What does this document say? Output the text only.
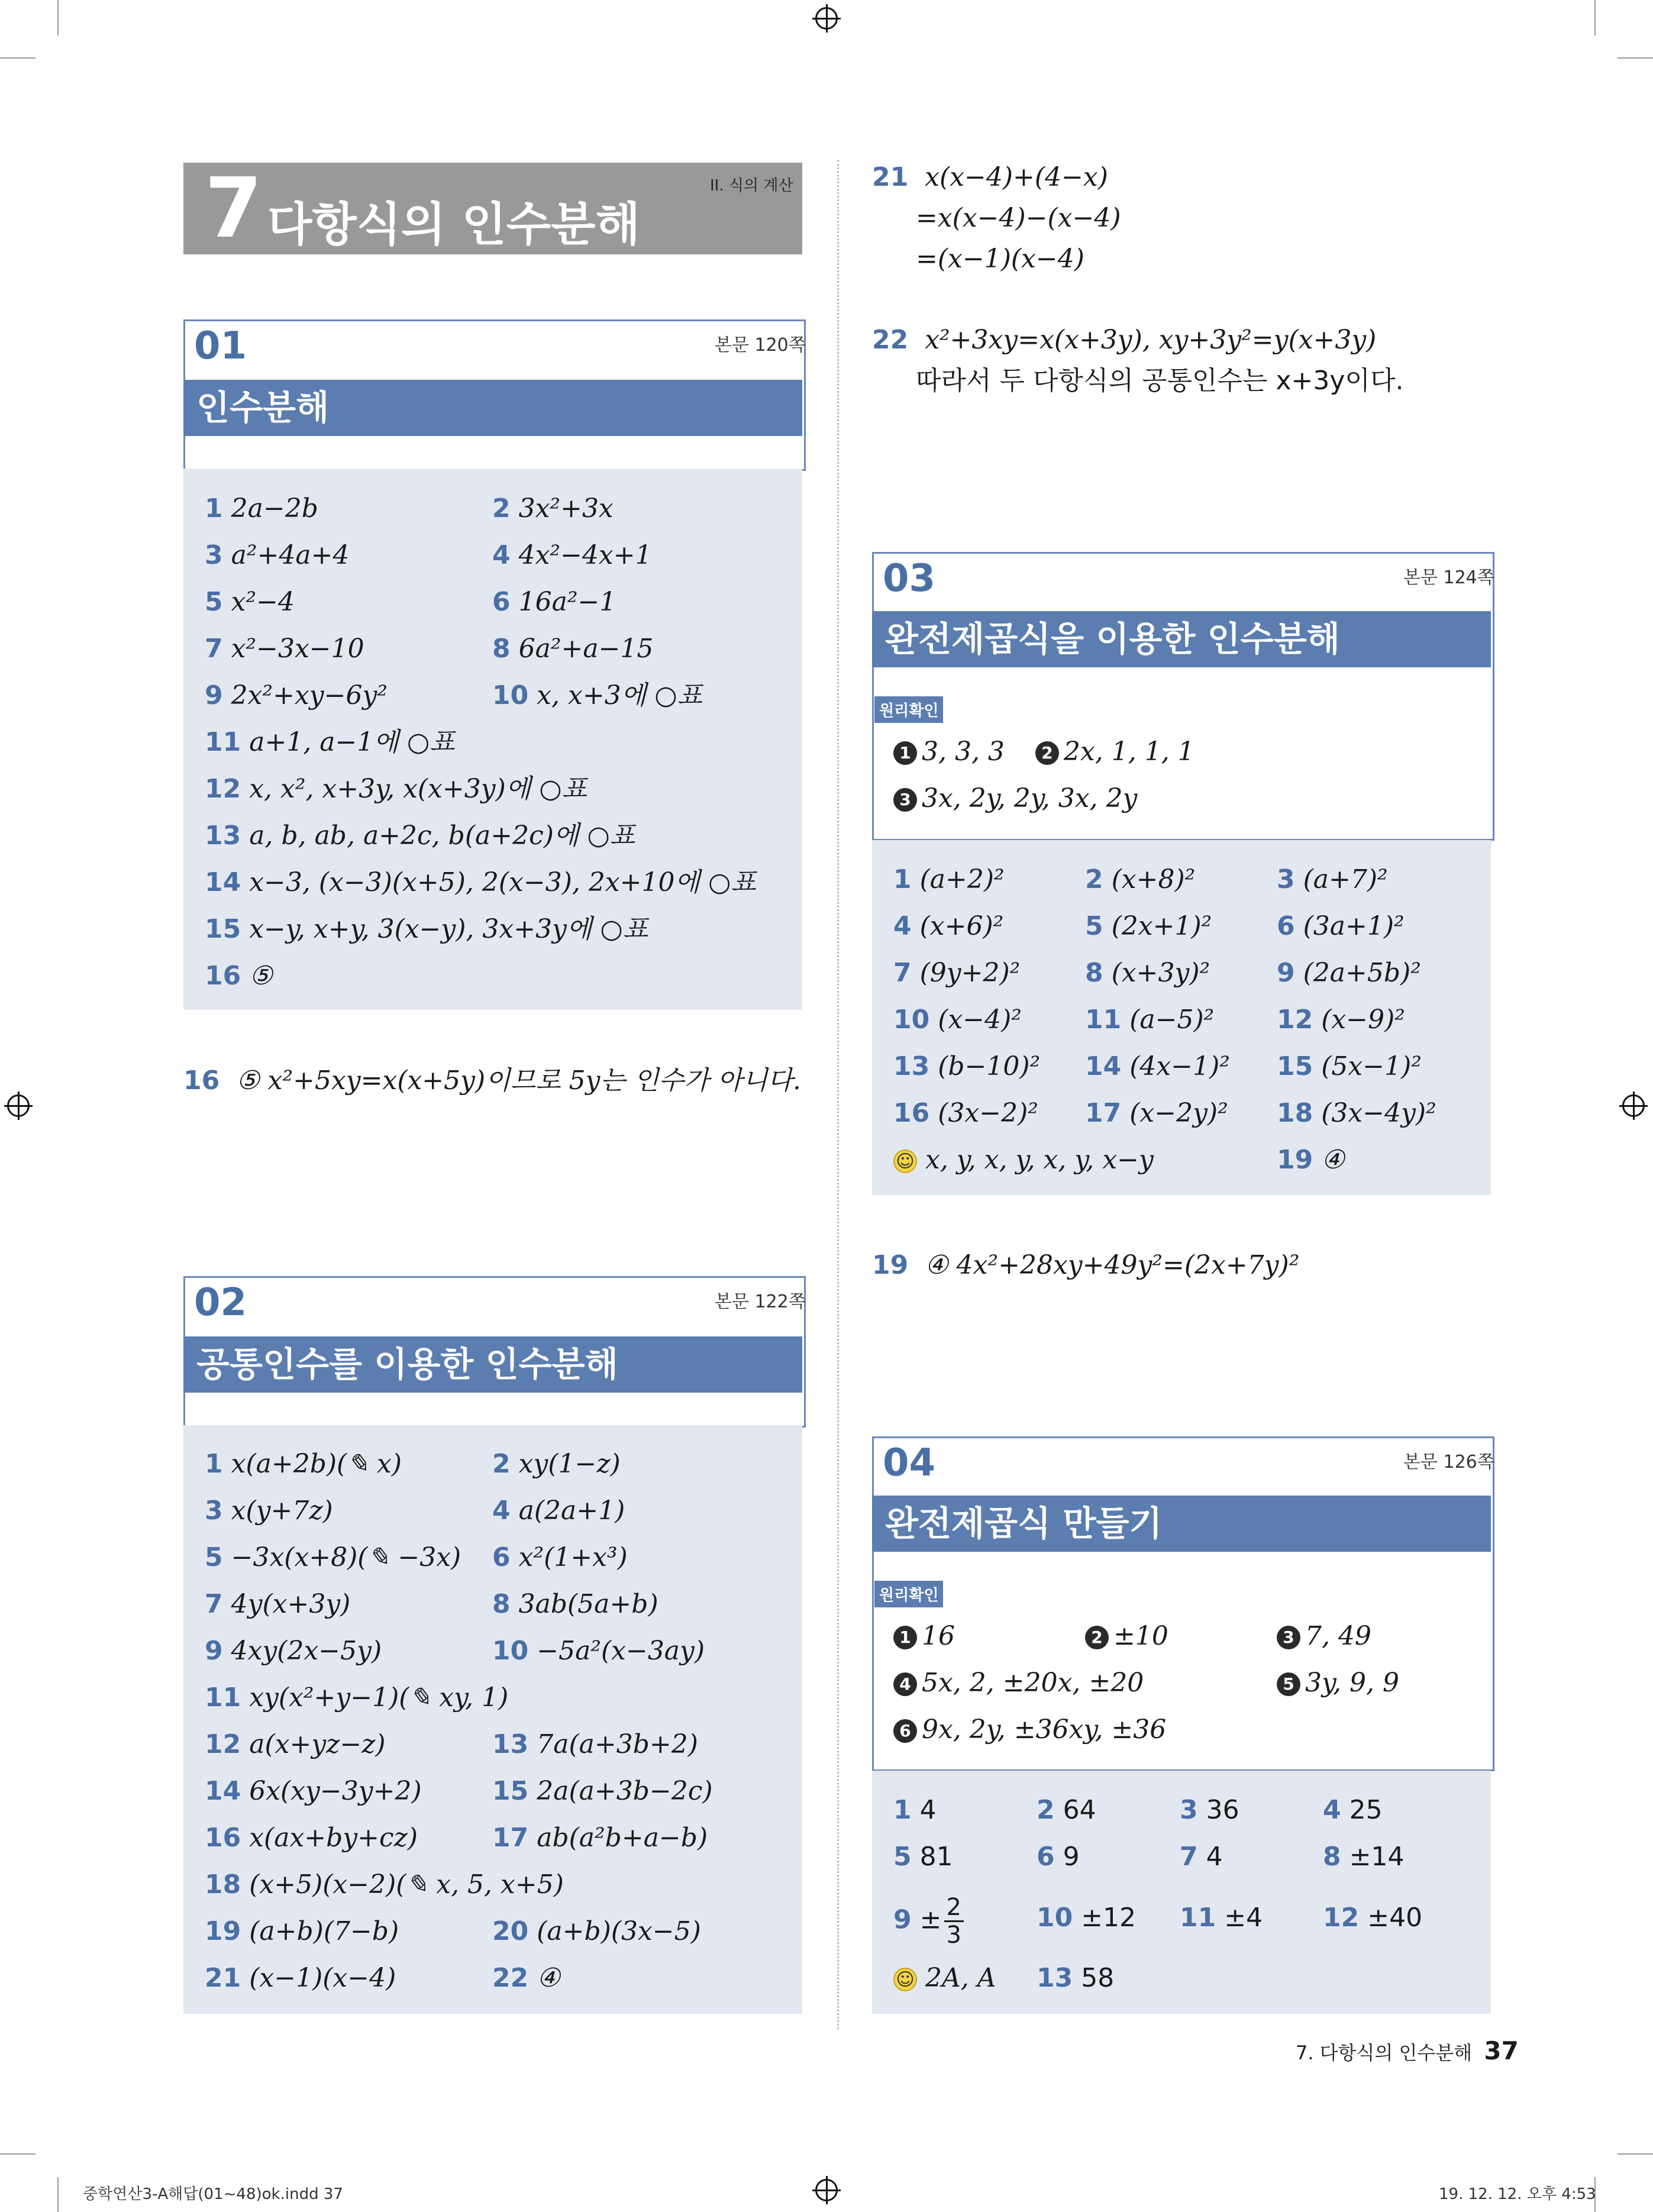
7 다항식의 인수분해
II. 식의 계산
01	본문 120쪽
인수분해
1 2a−2b	2 3x²+3x
3 a²+4a+4	4 4x²−4x+1
5 x²−4	6 16a²−1
7 x²−3x−10	8 6a²+a−15
9 2x²+xy−6y²	10 x, x+3에 ○표
11 a+1, a−1에 ○표
12 x, x², x+3y, x(x+3y)에 ○표
13 a, b, ab, a+2c, b(a+2c)에 ○표
14 x−3, (x−3)(x+5), 2(x−3), 2x+10에 ○표
15 x−y, x+y, 3(x−y), 3x+3y에 ○표
16 ⑤
16 ⑤ x²+5xy=x(x+5y)이므로 5y는 인수가 아니다.
02	본문 122쪽
공통인수를 이용한 인수분해
1 x(a+2b)(✎ x)	2 xy(1−z)
3 x(y+7z)	4 a(2a+1)
5 −3x(x+8)(✎ −3x) 6 x²(1+x³)
7 4y(x+3y)	8 3ab(5a+b)
9 4xy(2x−5y)	10 −5a²(x−3ay)
11 xy(x²+y−1)(✎ xy, 1)
12 a(x+yz−z)	13 7a(a+3b+2)
14 6x(xy−3y+2)	15 2a(a+3b−2c)
16 x(ax+by+cz)	17 ab(a²b+a−b)
18 (x+5)(x−2)(✎ x, 5, x+5)
19 (a+b)(7−b)	20 (a+b)(3x−5)
21 (x−1)(x−4)	22 ④
21 x(x−4)+(4−x)
=x(x−4)−(x−4)
=(x−1)(x−4)
22 x²+3xy=x(x+3y), xy+3y²=y(x+3y)
따라서 두 다항식의 공통인수는 x+3y이다.
03	본문 124쪽
완전제곱식을 이용한 인수분해
원리확인
1 3, 3, 3	2 2x, 1, 1, 1
3 3x, 2y, 2y, 3x, 2y
1 (a+2)²	2 (x+8)²	3 (a+7)²
4 (x+6)²	5 (2x+1)² 6 (3a+1)²
7 (9y+2)² 8 (x+3y)²	9 (2a+5b)²
10 (x−4)² 11 (a−5)² 12 (x−9)²
13 (b−10)² 14 (4x−1)² 15 (5x−1)²
16 (3x−2)² 17 (x−2y)² 18 (3x−4y)²
☺ x, y, x, y, x, y, x−y	19 ④
19 ④ 4x²+28xy+49y²=(2x+7y)²
04	본문 126쪽
완전제곱식 만들기
원리확인
1 16	2 ±10	3 7, 49
4 5x, 2, ±20x, ±20	5 3y, 9, 9
6 9x, 2y, ±36xy, ±36
1 4	2 64	3 36	4 25
5 81	6 9	7 4	8 ±14
$9 \pm \frac{2}{3}$	10 ±12 11 ±4 12 ±40
☺ 2A, A 13 58
7. 다항식의 인수분해 37
중학연산3-A해답(01~48)ok.indd 37	19. 12. 12. 오후 4:53
